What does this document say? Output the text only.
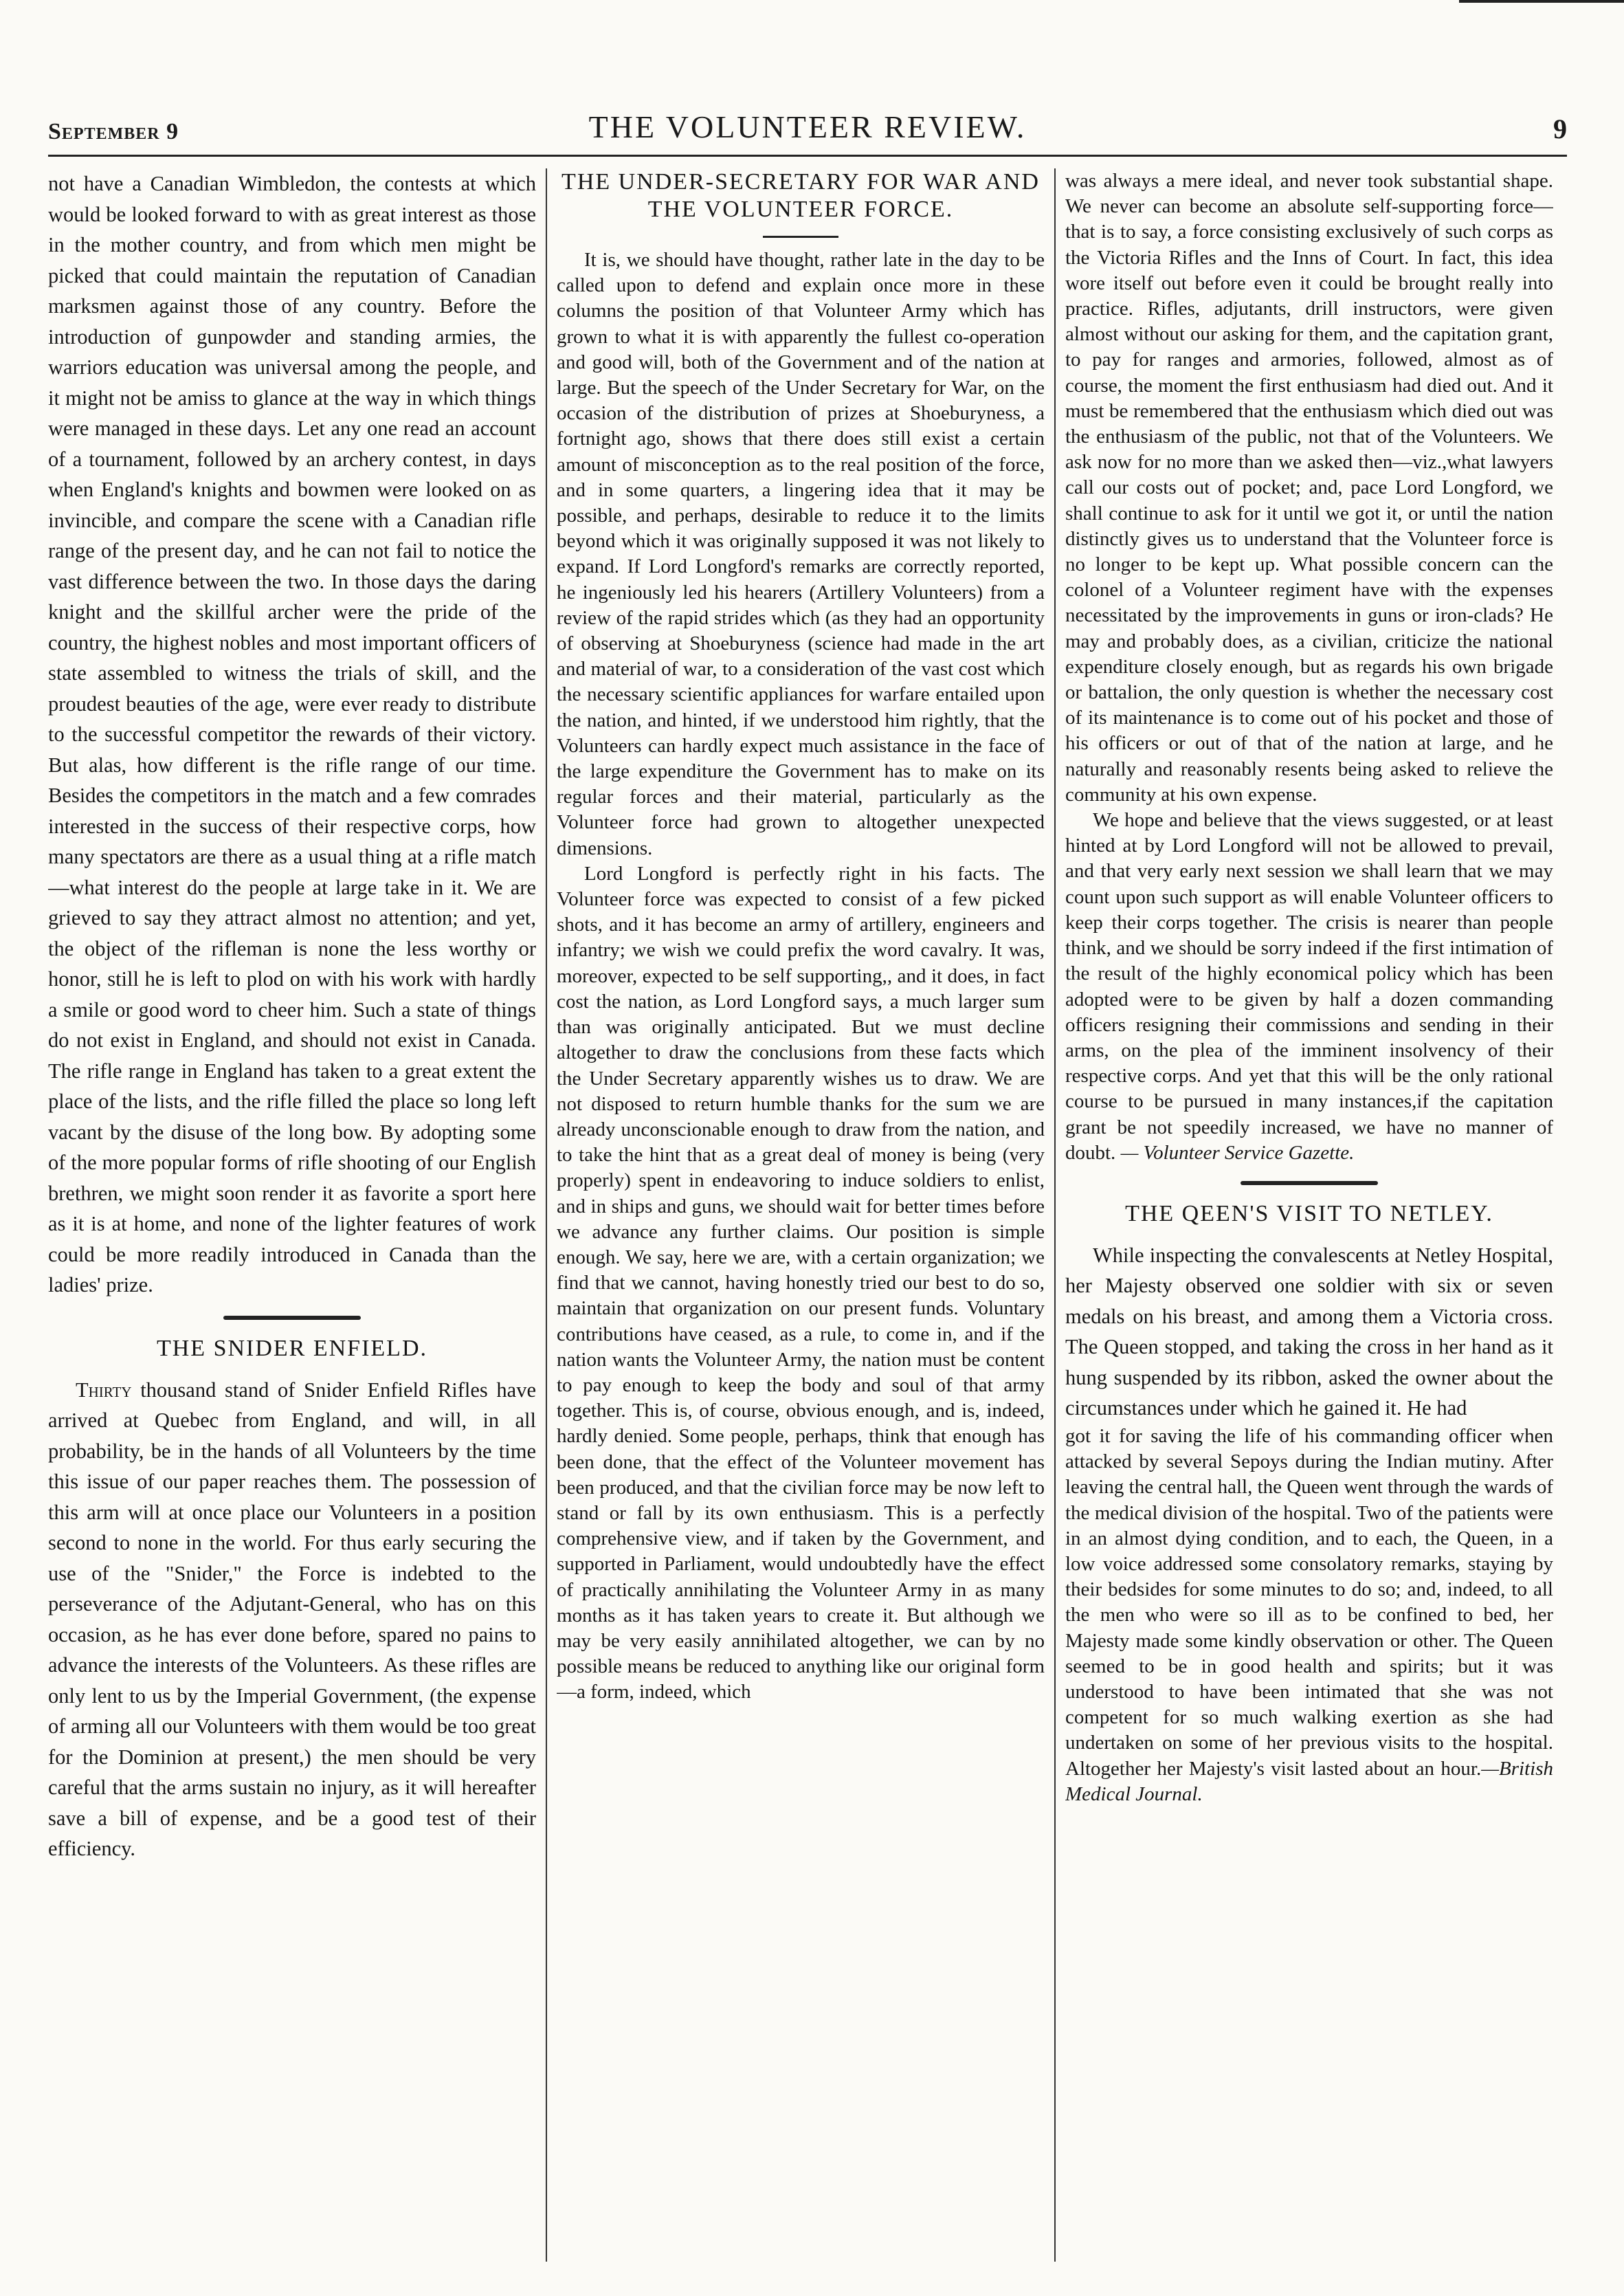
September 9	THE VOLUNTEER REVIEW.	9

not have a Canadian Wimbledon, the contests at which would be looked forward to with as great interest as those in the mother country, and from which men might be picked that could maintain the reputation of Canadian marksmen against those of any country. Before the introduction of gunpowder and standing armies, the warriors education was universal among the people, and it might not be amiss to glance at the way in which things were managed in these days. Let any one read an account of a tournament, followed by an archery contest, in days when England's knights and bowmen were looked on as invincible, and compare the scene with a Canadian rifle range of the present day, and he can not fail to notice the vast difference between the two. In those days the daring knight and the skillful archer were the pride of the country, the highest nobles and most important officers of state assembled to witness the trials of skill, and the proudest beauties of the age, were ever ready to distribute to the successful competitor the rewards of their victory. But alas, how different is the rifle range of our time. Besides the competitors in the match and a few comrades interested in the success of their respective corps, how many spectators are there as a usual thing at a rifle match—what interest do the people at large take in it. We are grieved to say they attract almost no attention; and yet, the object of the rifleman is none the less worthy or honor, still he is left to plod on with his work with hardly a smile or good word to cheer him. Such a state of things do not exist in England, and should not exist in Canada. The rifle range in England has taken to a great extent the place of the lists, and the rifle filled the place so long left vacant by the disuse of the long bow. By adopting some of the more popular forms of rifle shooting of our English brethren, we might soon render it as favorite a sport here as it is at home, and none of the lighter features of work could be more readily introduced in Canada than the ladies' prize.

THE SNIDER ENFIELD.

Thirty thousand stand of Snider Enfield Rifles have arrived at Quebec from England, and will, in all probability, be in the hands of all Volunteers by the time this issue of our paper reaches them. The possession of this arm will at once place our Volunteers in a position second to none in the world. For thus early securing the use of the "Snider," the Force is indebted to the perseverance of the Adjutant-General, who has on this occasion, as he has ever done before, spared no pains to advance the interests of the Volunteers. As these rifles are only lent to us by the Imperial Government, (the expense of arming all our Volunteers with them would be too great for the Dominion at present,) the men should be very careful that the arms sustain no injury, as it will hereafter save a bill of expense, and be a good test of their efficiency.

THE UNDER-SECRETARY FOR WAR AND THE VOLUNTEER FORCE.

It is, we should have thought, rather late in the day to be called upon to defend and explain once more in these columns the position of that Volunteer Army which has grown to what it is with apparently the fullest co-operation and good will, both of the Government and of the nation at large. But the speech of the Under Secretary for War, on the occasion of the distribution of prizes at Shoeburyness, a fortnight ago, shows that there does still exist a certain amount of misconception as to the real position of the force, and in some quarters, a lingering idea that it may be possible, and perhaps, desirable to reduce it to the limits beyond which it was originally supposed it was not likely to expand. If Lord Longford's remarks are correctly reported, he ingeniously led his hearers (Artillery Volunteers) from a review of the rapid strides which (as they had an opportunity of observing at Shoeburyness (science had made in the art and material of war, to a consideration of the vast cost which the necessary scientific appliances for warfare entailed upon the nation, and hinted, if we understood him rightly, that the Volunteers can hardly expect much assistance in the face of the large expenditure the Government has to make on its regular forces and their material, particularly as the Volunteer force had grown to altogether unexpected dimensions.

Lord Longford is perfectly right in his facts. The Volunteer force was expected to consist of a few picked shots, and it has become an army of artillery, engineers and infantry; we wish we could prefix the word cavalry. It was, moreover, expected to be self supporting,, and it does, in fact cost the nation, as Lord Longford says, a much larger sum than was originally anticipated. But we must decline altogether to draw the conclusions from these facts which the Under Secretary apparently wishes us to draw. We are not disposed to return humble thanks for the sum we are already unconscionable enough to draw from the nation, and to take the hint that as a great deal of money is being (very properly) spent in endeavoring to induce soldiers to enlist, and in ships and guns, we should wait for better times before we advance any further claims. Our position is simple enough. We say, here we are, with a certain organization; we find that we cannot, having honestly tried our best to do so, maintain that organization on our present funds. Voluntary contributions have ceased, as a rule, to come in, and if the nation wants the Volunteer Army, the nation must be content to pay enough to keep the body and soul of that army together. This is, of course, obvious enough, and is, indeed, hardly denied. Some people, perhaps, think that enough has been done, that the effect of the Volunteer movement has been produced, and that the civilian force may be now left to stand or fall by its own enthusiasm. This is a perfectly comprehensive view, and if taken by the Government, and supported in Parliament, would undoubtedly have the effect of practically annihilating the Volunteer Army in as many months as it has taken years to create it. But although we may be very easily annihilated altogether, we can by no possible means be reduced to anything like our original form—a form, indeed, which

was always a mere ideal, and never took substantial shape. We never can become an absolute self-supporting force—that is to say, a force consisting exclusively of such corps as the Victoria Rifles and the Inns of Court. In fact, this idea wore itself out before even it could be brought really into practice. Rifles, adjutants, drill instructors, were given almost without our asking for them, and the capitation grant, to pay for ranges and armories, followed, almost as of course, the moment the first enthusiasm had died out. And it must be remembered that the enthusiasm which died out was the enthusiasm of the public, not that of the Volunteers. We ask now for no more than we asked then—viz.,what lawyers call our costs out of pocket; and, pace Lord Longford, we shall continue to ask for it until we got it, or until the nation distinctly gives us to understand that the Volunteer force is no longer to be kept up. What possible concern can the colonel of a Volunteer regiment have with the expenses necessitated by the improvements in guns or iron-clads? He may and probably does, as a civilian, criticize the national expenditure closely enough, but as regards his own brigade or battalion, the only question is whether the necessary cost of its maintenance is to come out of his pocket and those of his officers or out of that of the nation at large, and he naturally and reasonably resents being asked to relieve the community at his own expense.

We hope and believe that the views suggested, or at least hinted at by Lord Longford will not be allowed to prevail, and that very early next session we shall learn that we may count upon such support as will enable Volunteer officers to keep their corps together. The crisis is nearer than people think, and we should be sorry indeed if the first intimation of the result of the highly economical policy which has been adopted were to be given by half a dozen commanding officers resigning their commissions and sending in their arms, on the plea of the imminent insolvency of their respective corps. And yet that this will be the only rational course to be pursued in many instances,if the capitation grant be not speedily increased, we have no manner of doubt. — Volunteer Service Gazette.

THE QEEN'S VISIT TO NETLEY.

While inspecting the convalescents at Netley Hospital, her Majesty observed one soldier with six or seven medals on his breast, and among them a Victoria cross. The Queen stopped, and taking the cross in her hand as it hung suspended by its ribbon, asked the owner about the circumstances under which he gained it. He had

got it for saving the life of his commanding officer when attacked by several Sepoys during the Indian mutiny. After leaving the central hall, the Queen went through the wards of the medical division of the hospital. Two of the patients were in an almost dying condition, and to each, the Queen, in a low voice addressed some consolatory remarks, staying by their bedsides for some minutes to do so; and, indeed, to all the men who were so ill as to be confined to bed, her Majesty made some kindly observation or other. The Queen seemed to be in good health and spirits; but it was understood to have been intimated that she was not competent for so much walking exertion as she had undertaken on some of her previous visits to the hospital. Altogether her Majesty's visit lasted about an hour.—British Medical Journal.
